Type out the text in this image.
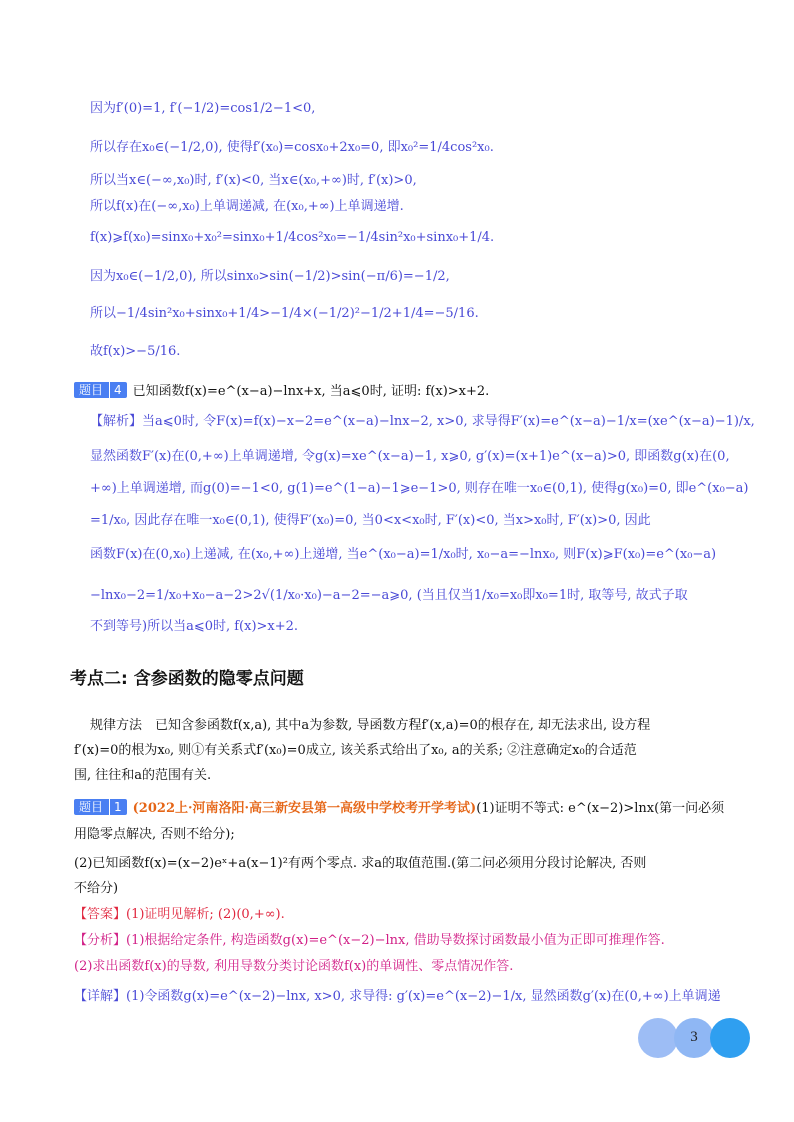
因为f′(0)=1, f′(−1/2)=cos1/2−1<0,
所以存在x₀∈(−1/2,0), 使得f′(x₀)=cosx₀+2x₀=0, 即x₀²=1/4cos²x₀.
所以当x∈(−∞,x₀)时, f′(x)<0, 当x∈(x₀,+∞)时, f′(x)>0,
所以f(x)在(−∞,x₀)上单调递减, 在(x₀,+∞)上单调递增.
f(x)⩾f(x₀)=sinx₀+x₀²=sinx₀+1/4cos²x₀=−1/4sin²x₀+sinx₀+1/4.
因为x₀∈(−1/2,0), 所以sinx₀>sin(−1/2)>sin(−π/6)=−1/2,
所以−1/4sin²x₀+sinx₀+1/4>−1/4×(−1/2)²−1/2+1/4=−5/16.
故f(x)>−5/16.
题目 4 已知函数f(x)=e^(x−a)−lnx+x, 当a⩽0时, 证明: f(x)>x+2.
【解析】当a⩽0时, 令F(x)=f(x)−x−2=e^(x−a)−lnx−2, x>0, 求导得F′(x)=e^(x−a)−1/x=(xe^(x−a)−1)/x,
显然函数F′(x)在(0,+∞)上单调递增, 令g(x)=xe^(x−a)−1, x⩾0, g′(x)=(x+1)e^(x−a)>0, 即函数g(x)在(0,
+∞)上单调递增, 而g(0)=−1<0, g(1)=e^(1−a)−1⩾e−1>0, 则存在唯一x₀∈(0,1), 使得g(x₀)=0, 即e^(x₀−a)
=1/x₀, 因此存在唯一x₀∈(0,1), 使得F′(x₀)=0, 当0<x<x₀时, F′(x)<0, 当x>x₀时, F′(x)>0, 因此
函数F(x)在(0,x₀)上递减, 在(x₀,+∞)上递增, 当e^(x₀−a)=1/x₀时, x₀−a=−lnx₀, 则F(x)⩾F(x₀)=e^(x₀−a)
−lnx₀−2=1/x₀+x₀−a−2>2√(1/x₀·x₀)−a−2=−a⩾0, (当且仅当1/x₀=x₀即x₀=1时, 取等号, 故式子取
不到等号)所以当a⩽0时, f(x)>x+2.
考点二: 含参函数的隐零点问题
规律方法　已知含参函数f(x,a), 其中a为参数, 导函数方程f′(x,a)=0的根存在, 却无法求出, 设方程
f′(x)=0的根为x₀, 则①有关系式f′(x₀)=0成立, 该关系式给出了x₀, a的关系; ②注意确定x₀的合适范
围, 往往和a的范围有关.
题目 1 (2022上·河南洛阳·高三新安县第一高级中学校考开学考试)(1)证明不等式: e^(x−2)>lnx(第一问必须
用隐零点解决, 否则不给分);
(2)已知函数f(x)=(x−2)eˣ+a(x−1)²有两个零点. 求a的取值范围.(第二问必须用分段讨论解决, 否则
不给分)
【答案】(1)证明见解析; (2)(0,+∞).
【分析】(1)根据给定条件, 构造函数g(x)=e^(x−2)−lnx, 借助导数探讨函数最小值为正即可推理作答.
(2)求出函数f(x)的导数, 利用导数分类讨论函数f(x)的单调性、零点情况作答.
【详解】(1)令函数g(x)=e^(x−2)−lnx, x>0, 求导得: g′(x)=e^(x−2)−1/x, 显然函数g′(x)在(0,+∞)上单调递
3
